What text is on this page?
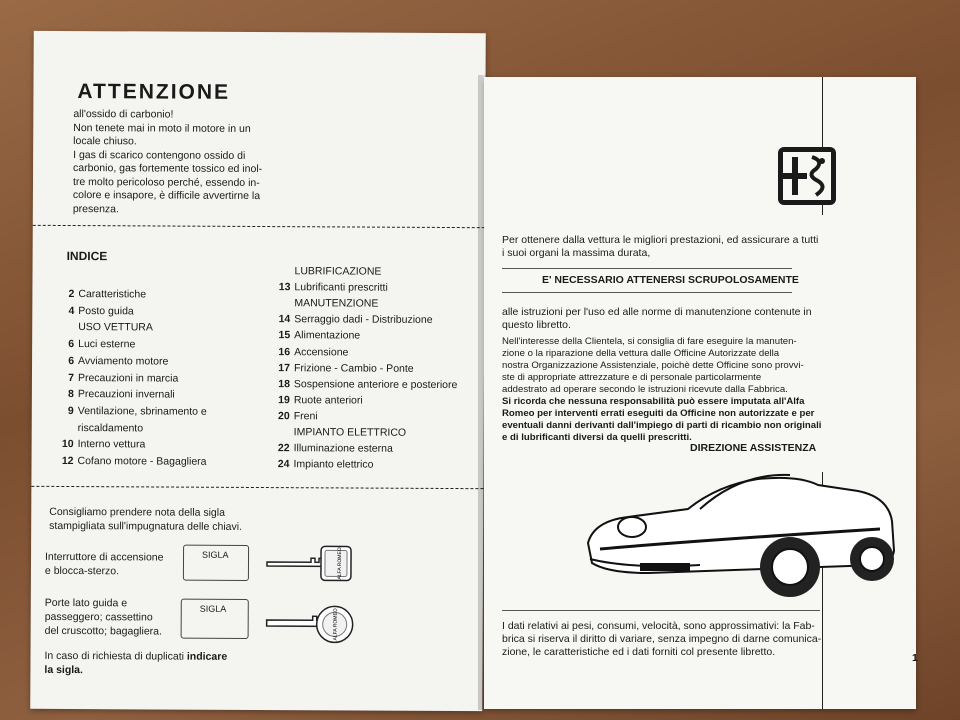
ATTENZIONE
all'ossido di carbonio!
Non tenete mai in moto il motore in un
locale chiuso.
I gas di scarico contengono ossido di
carbonio, gas fortemente tossico ed inol-
tre molto pericoloso perché, essendo in-
colore e insapore, è difficile avvertirne la
presenza.
INDICE
2 Caratteristiche
4 Posto guida
USO VETTURA
6 Luci esterne
6 Avviamento motore
7 Precauzioni in marcia
8 Precauzioni invernali
9 Ventilazione, sbrinamento e
riscaldamento
10 Interno vettura
12 Cofano motore - Bagagliera
LUBRIFICAZIONE
13 Lubrificanti prescritti
MANUTENZIONE
14 Serraggio dadi - Distribuzione
15 Alimentazione
16 Accensione
17 Frizione - Cambio - Ponte
18 Sospensione anteriore e posteriore
19 Ruote anteriori
20 Freni
IMPIANTO ELETTRICO
22 Illuminazione esterna
24 Impianto elettrico
Consigliamo prendere nota della sigla
stampigliata sull'impugnatura delle chiavi.
Interruttore di accensione
e blocca-sterzo.
SIGLA	ALFA ROMEO
Porte lato guida e
passeggero; cassettino
del cruscotto; bagagliera.
SIGLA	ALFA ROMEO
In caso di richiesta di duplicati indicare
la sigla.
Per ottenere dalla vettura le migliori prestazioni, ed assicurare a tutti
i suoi organi la massima durata,
E' NECESSARIO ATTENERSI SCRUPOLOSAMENTE
alle istruzioni per l'uso ed alle norme di manutenzione contenute in
questo libretto.
Nell'interesse della Clientela, si consiglia di fare eseguire la manuten-
zione o la riparazione della vettura dalle Officine Autorizzate della
nostra Organizzazione Assistenziale, poichè dette Officine sono provvi-
ste di appropriate attrezzature e di personale particolarmente
addestrato ad operare secondo le istruzioni ricevute dalla Fabbrica.
Si ricorda che nessuna responsabilità può essere imputata all'Alfa
Romeo per interventi errati eseguiti da Officine non autorizzate e per
eventuali danni derivanti dall'impiego di parti di ricambio non originali
e di lubrificanti diversi da quelli prescritti.
DIREZIONE ASSISTENZA
I dati relativi ai pesi, consumi, velocità, sono approssimativi: la Fab-
brica si riserva il diritto di variare, senza impegno di darne comunica-
zione, le caratteristiche ed i dati forniti col presente libretto.	1
